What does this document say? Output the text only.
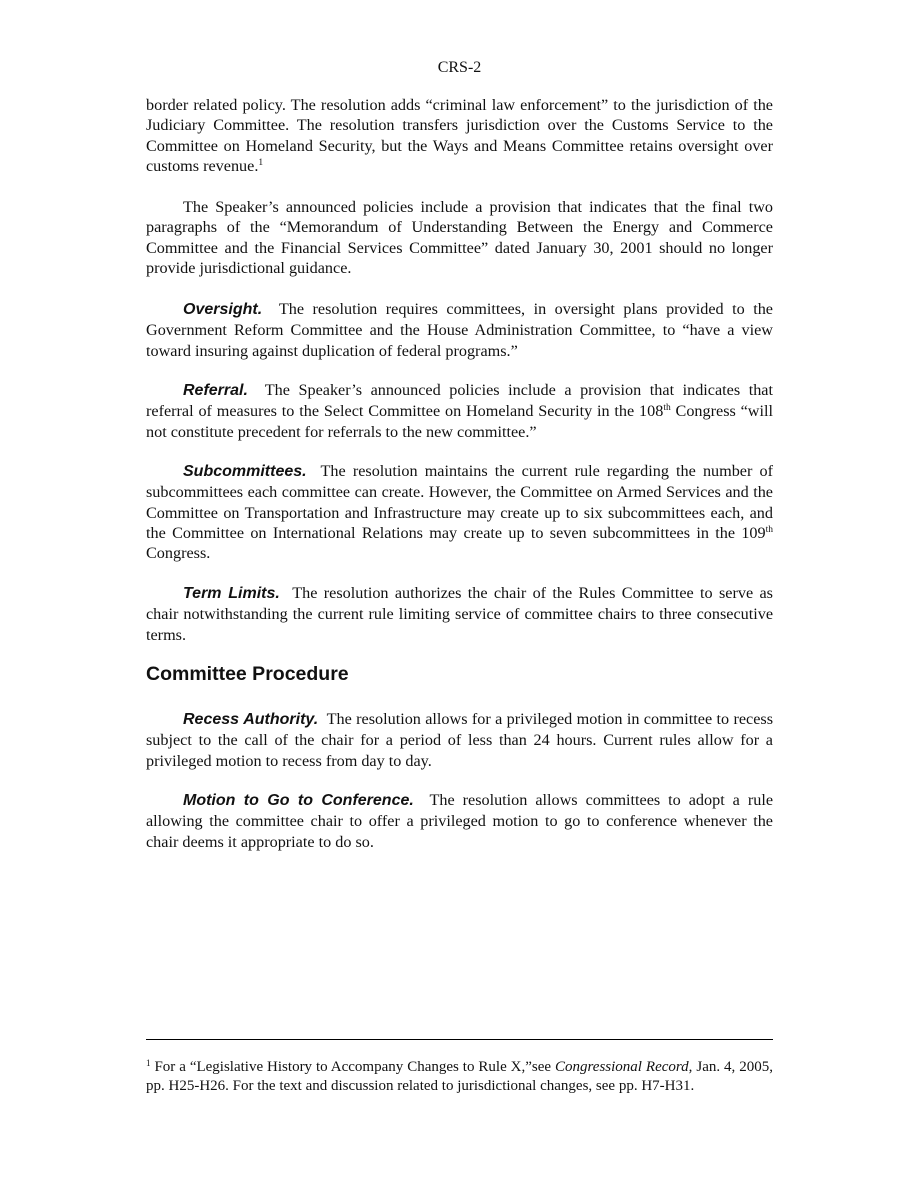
CRS-2

border related policy. The resolution adds “criminal law enforcement” to the jurisdiction of the Judiciary Committee. The resolution transfers jurisdiction over the Customs Service to the Committee on Homeland Security, but the Ways and Means Committee retains oversight over customs revenue.$^1$

The Speaker’s announced policies include a provision that indicates that the final two paragraphs of the “Memorandum of Understanding Between the Energy and Commerce Committee and the Financial Services Committee” dated January 30, 2001 should no longer provide jurisdictional guidance.

Oversight. The resolution requires committees, in oversight plans provided to the Government Reform Committee and the House Administration Committee, to “have a view toward insuring against duplication of federal programs.”

Referral. The Speaker’s announced policies include a provision that indicates that referral of measures to the Select Committee on Homeland Security in the 108th Congress “will not constitute precedent for referrals to the new committee.”

Subcommittees. The resolution maintains the current rule regarding the number of subcommittees each committee can create. However, the Committee on Armed Services and the Committee on Transportation and Infrastructure may create up to six subcommittees each, and the Committee on International Relations may create up to seven subcommittees in the 109th Congress.

Term Limits. The resolution authorizes the chair of the Rules Committee to serve as chair notwithstanding the current rule limiting service of committee chairs to three consecutive terms.

Committee Procedure

Recess Authority. The resolution allows for a privileged motion in committee to recess subject to the call of the chair for a period of less than 24 hours. Current rules allow for a privileged motion to recess from day to day.

Motion to Go to Conference. The resolution allows committees to adopt a rule allowing the committee chair to offer a privileged motion to go to conference whenever the chair deems it appropriate to do so.

$^1$ For a “Legislative History to Accompany Changes to Rule X,”see Congressional Record, Jan. 4, 2005, pp. H25-H26. For the text and discussion related to jurisdictional changes, see pp. H7-H31.
